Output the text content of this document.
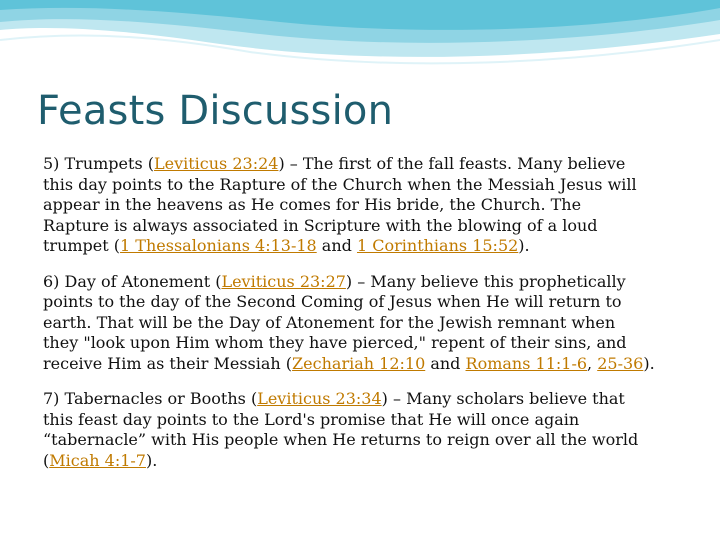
Feasts Discussion
5) Trumpets (Leviticus 23:24) – The first of the fall feasts. Many believe
this day points to the Rapture of the Church when the Messiah Jesus will
appear in the heavens as He comes for His bride, the Church. The
Rapture is always associated in Scripture with the blowing of a loud
trumpet (1 Thessalonians 4:13-18 and 1 Corinthians 15:52).
6) Day of Atonement (Leviticus 23:27) – Many believe this prophetically
points to the day of the Second Coming of Jesus when He will return to
earth. That will be the Day of Atonement for the Jewish remnant when
they "look upon Him whom they have pierced," repent of their sins, and
receive Him as their Messiah (Zechariah 12:10 and Romans 11:1-6, 25-36).
7) Tabernacles or Booths (Leviticus 23:34) – Many scholars believe that
this feast day points to the Lord's promise that He will once again
“tabernacle” with His people when He returns to reign over all the world
(Micah 4:1-7).
